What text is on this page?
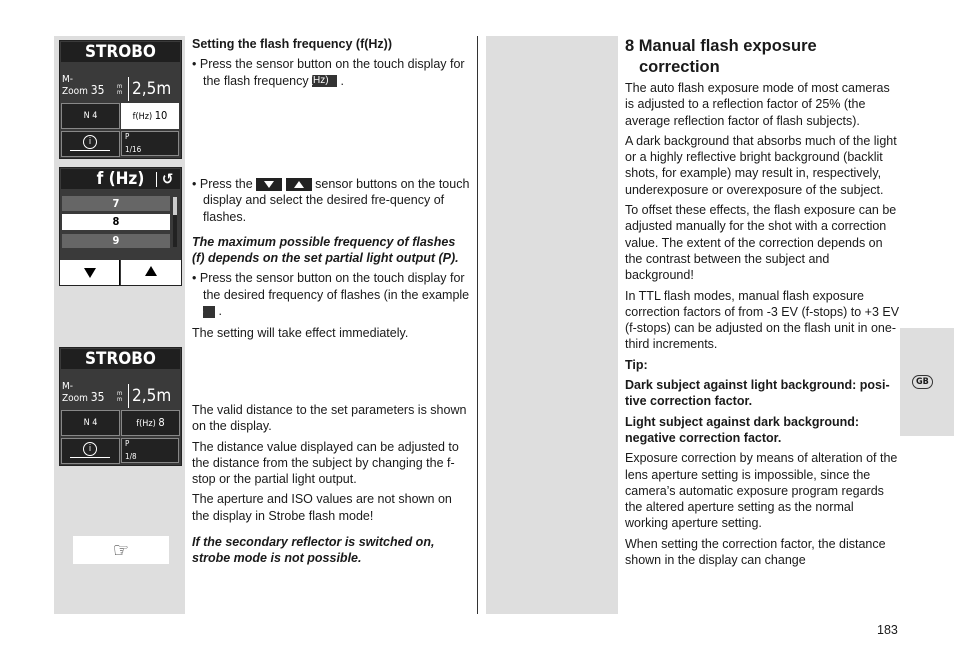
GB
STROBO
M-
Zoom 35 m
m 2,5m
N 4	f(Hz) 10
i
P
1/16
f (Hz) ↺
7
8
9
STROBO
M-
Zoom 35 m
m 2,5m
N 4	f(Hz) 8
i
P
1/8
☞
Setting the flash frequency (f(Hz))
• Press the sensor button on the touch display for the flash frequency f (Hz) .
• Press the
	sensor buttons on the touch display and select the desired fre-quency of flashes.
The maximum possible frequency of flashes (f) depends on the set partial light output (P).
• Press the sensor button on the touch display for the desired frequency of flashes (in the example 8 .
The setting will take effect immediately.
The valid distance to the set parameters is shown on the display.
The distance value displayed can be adjusted to the distance from the subject by changing the f-stop or the partial light output.
The aperture and ISO values are not shown on the display in Strobe flash mode!
If the secondary reflector is switched on, strobe mode is not possible.
8 Manual flash exposure
correction
The auto flash exposure mode of most cameras is adjusted to a reflection factor of 25% (the average reflection factor of flash subjects).
A dark background that absorbs much of the light or a highly reflective bright background (backlit shots, for example) may result in, respectively, underexposure or overexposure of the subject.
To offset these effects, the flash exposure can be adjusted manually for the shot with a correction value. The extent of the correction depends on the contrast between the subject and background!
In TTL flash modes, manual flash exposure correction factors of from -3 EV (f-stops) to +3 EV (f-stops) can be adjusted on the flash unit in one-third increments.
Tip:
Dark subject against light background: posi-tive correction factor.
Light subject against dark background: negative correction factor.
Exposure correction by means of alteration of the lens aperture setting is impossible, since the camera’s automatic exposure program regards the altered aperture setting as the normal working aperture setting.
When setting the correction factor, the distance shown in the display can change
183
